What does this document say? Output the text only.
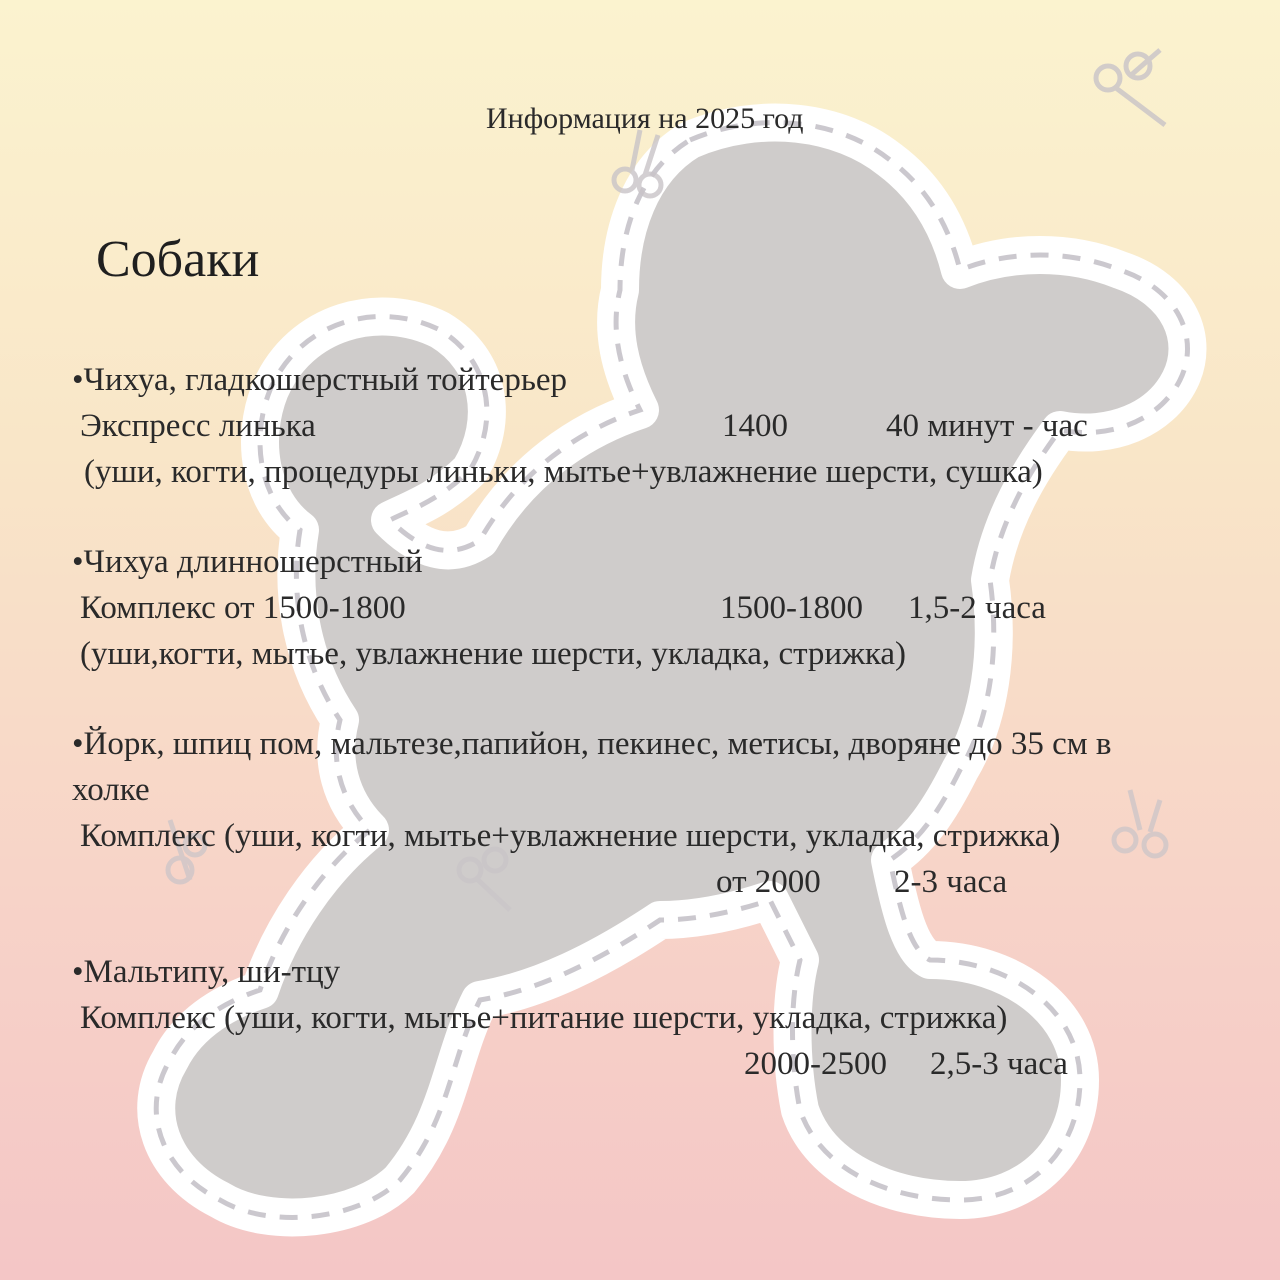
Информация на 2025 год
Собаки
•Чихуа, гладкошерстный тойтерьер
Экспресс линька	1400	40 минут - час
(уши, когти, процедуры линьки, мытье+увлажнение шерсти, сушка)
•Чихуа длинношерстный
Комплекс от 1500-1800	1500-1800 1,5-2 часа
(уши,когти, мытье, увлажнение шерсти, укладка, стрижка)
•Йорк, шпиц пом, мальтезе,папийон, пекинес, метисы, дворяне до 35 см в
холке
Комплекс (уши, когти, мытье+увлажнение шерсти, укладка, стрижка)
от 2000 2-3 часа
•Мальтипу, ши-тцу
Комплекс (уши, когти, мытье+питание шерсти, укладка, стрижка)
2000-2500 2,5-3 часа
